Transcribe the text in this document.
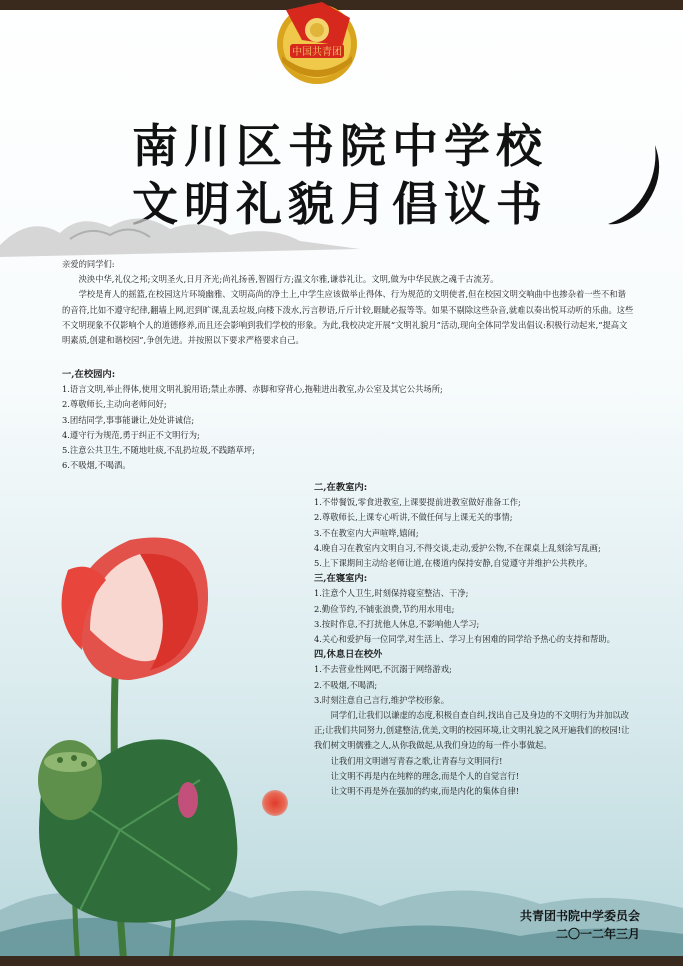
中国共青团
南川区书院中学校
文明礼貌月倡议书

亲爱的同学们:

泱泱中华,礼仪之邦;文明圣火,日月齐光;尚礼扬善,智圆行方;温文尔雅,谦恭礼让。文明,做为中华民族之魂千古流芳。

学校是育人的摇篮,在校园这片环境幽雅、文明高尚的净土上,中学生应该做举止得体、行为规范的文明使者,但在校园文明交响曲中也掺杂着一些不和谐的音符,比如不遵守纪律,翻墙上网,迟到旷课,乱丢垃圾,向楼下泼水,污言秽语,斤斤计较,睚眦必报等等。如果不剔除这些杂音,就难以奏出悦耳动听的乐曲。这些不文明现象不仅影响个人的道德修养,而且还会影响到我们学校的形象。为此,我校决定开展“文明礼貌月”活动,现向全体同学发出倡议:积极行动起来,“提高文明素质,创建和谐校园”,争创先进。并按照以下要求严格要求自己。

一,在校园内:

1.语言文明,举止得体,使用文明礼貌用语;禁止赤膊、赤脚和穿背心,拖鞋进出教室,办公室及其它公共场所;

2.尊敬师长,主动向老师问好;

3.团结同学,事事能谦让,处处讲诚信;

4.遵守行为规范,勇于纠正不文明行为;

5.注意公共卫生,不随地吐痰,不乱扔垃圾,不践踏草坪;

6.不吸烟,不喝酒。

二,在教室内:

1.不带餐饭,零食进教室,上课要提前进教室做好准备工作;

2.尊敬师长,上课专心听讲,不做任何与上课无关的事情;

3.不在教室内大声喧哗,嬉闹;

4.晚自习在教室内文明自习,不得交谈,走动,爱护公物,不在课桌上乱刻涂写乱画;

5.上下课期间主动给老师让道,在楼道内保持安静,自觉遵守并维护公共秩序。

三,在寝室内:

1.注意个人卫生,时刻保持寝室整洁、干净;

2.勤俭节约,不铺张浪费,节约用水用电;

3.按时作息,不打扰他人休息,不影响他人学习;

4.关心和爱护每一位同学,对生活上、学习上有困难的同学给予热心的支持和帮助。

四,休息日在校外

1.不去营业性网吧,不沉溺于网络游戏;

2.不吸烟,不喝酒;

3.时刻注意自己言行,维护学校形象。

同学们,让我们以谦虚的态度,积极自查自纠,找出自己及身边的不文明行为并加以改正;让我们共同努力,创建整洁,优美,文明的校园环境,让文明礼貌之风开遍我们的校园!让我们树文明儒雅之人,从你我做起,从我们身边的每一件小事做起。

让我们用文明谱写青春之歌,让青春与文明同行!

让文明不再是内在纯粹的理念,而是个人的自觉言行!

让文明不再是外在强加的约束,而是内化的集体自律!

共青团书院中学委员会
二〇一二年三月
